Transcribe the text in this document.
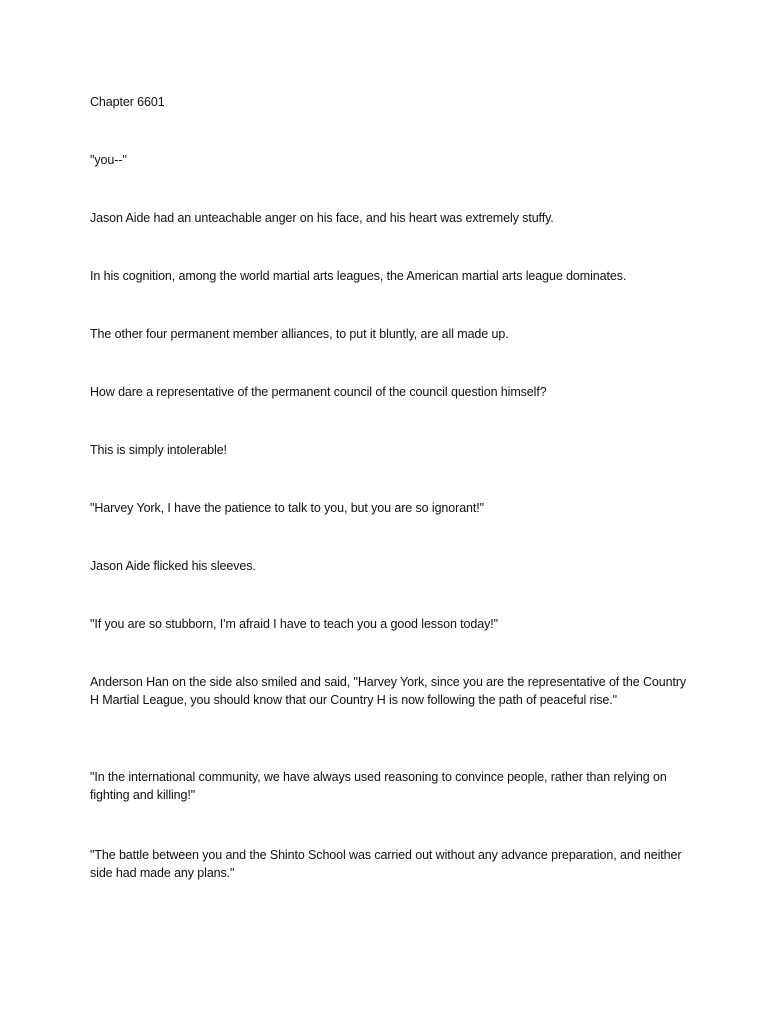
Chapter 6601

"you--"

Jason Aide had an unteachable anger on his face, and his heart was extremely stuffy.

In his cognition, among the world martial arts leagues, the American martial arts league dominates.

The other four permanent member alliances, to put it bluntly, are all made up.

How dare a representative of the permanent council of the council question himself?

This is simply intolerable!

"Harvey York, I have the patience to talk to you, but you are so ignorant!"

Jason Aide flicked his sleeves.

"If you are so stubborn, I'm afraid I have to teach you a good lesson today!"

Anderson Han on the side also smiled and said, "Harvey York, since you are the representative of the Country H Martial League, you should know that our Country H is now following the path of peaceful rise."

"In the international community, we have always used reasoning to convince people, rather than relying on fighting and killing!"

"The battle between you and the Shinto School was carried out without any advance preparation, and neither side had made any plans."
